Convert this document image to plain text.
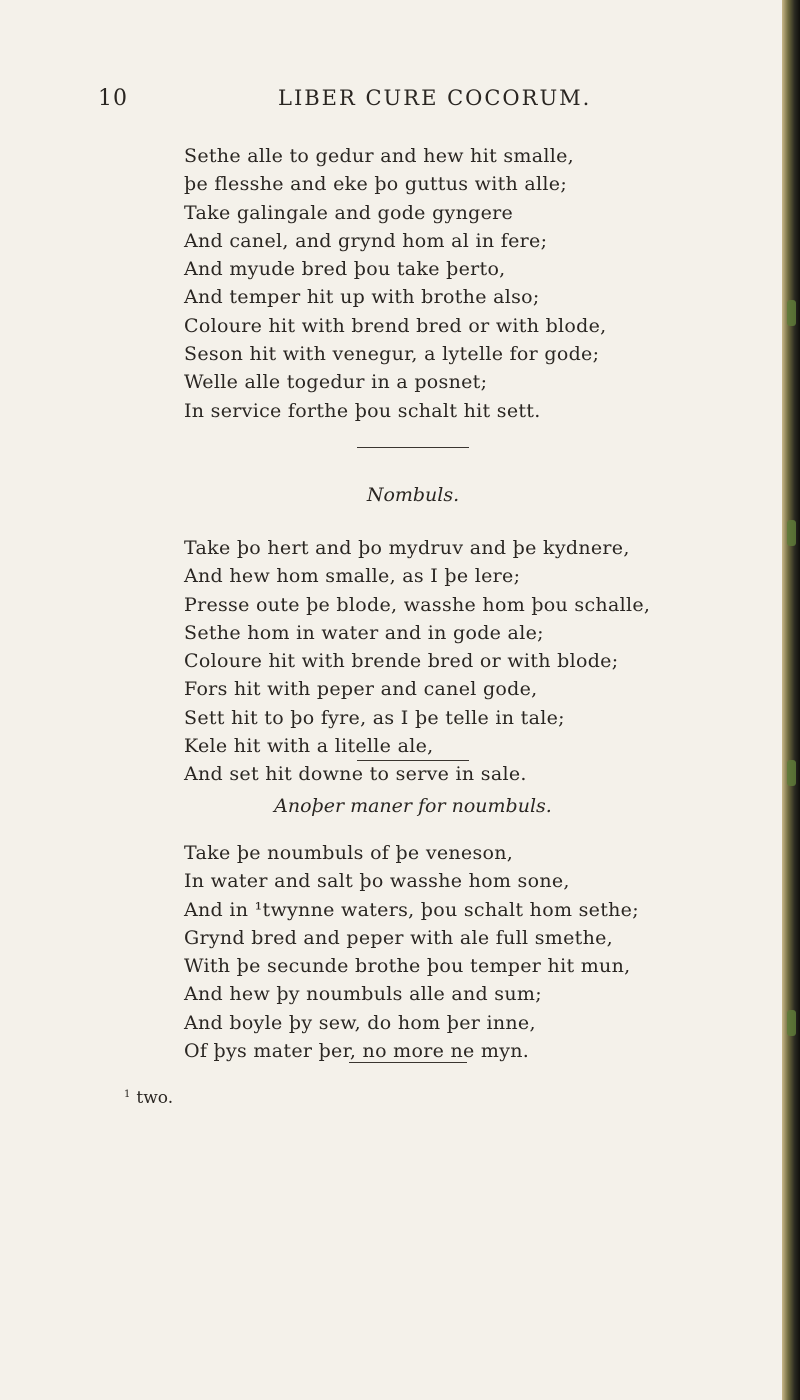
10	LIBER CURE COCORUM.
Sethe alle to gedur and hew hit smalle,
þe flesshe and eke þo guttus with alle;
Take galingale and gode gyngere
And canel, and grynd hom al in fere;
And myude bred þou take þerto,
And temper hit up with brothe also;
Coloure hit with brend bred or with blode,
Seson hit with venegur, a lytelle for gode;
Welle alle togedur in a posnet;
In service forthe þou schalt hit sett.
Nombuls.
Take þo hert and þo mydruv and þe kydnere,
And hew hom smalle, as I þe lere;
Presse oute þe blode, wasshe hom þou schalle,
Sethe hom in water and in gode ale;
Coloure hit with brende bred or with blode;
Fors hit with peper and canel gode,
Sett hit to þo fyre, as I þe telle in tale;
Kele hit with a litelle ale,
And set hit downe to serve in sale.
Anoþer maner for noumbuls.
Take þe noumbuls of þe veneson,
In water and salt þo wasshe hom sone,
And in ¹twynne waters, þou schalt hom sethe;
Grynd bred and peper with ale full smethe,
With þe secunde brothe þou temper hit mun,
And hew þy noumbuls alle and sum;
And boyle þy sew, do hom þer inne,
Of þys mater þer, no more ne myn.
$^1$ two.
